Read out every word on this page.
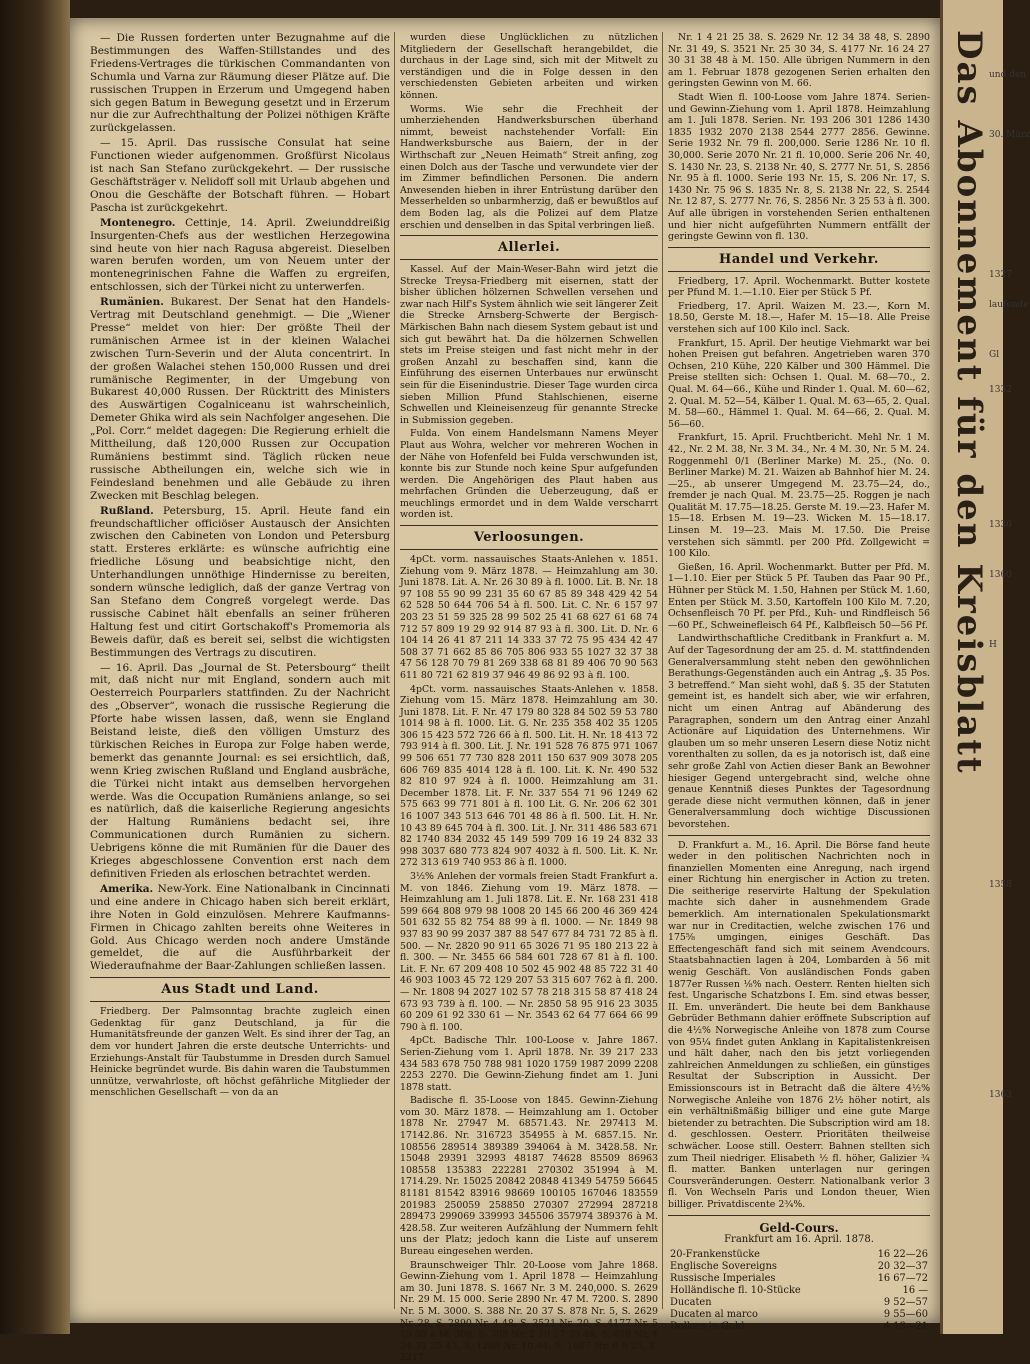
— Die Russen forderten unter Bezugnahme auf die Bestimmungen des Waffen-Stillstandes und des Friedens-Vertrages die türkischen Commandanten von Schumla und Varna zur Räumung dieser Plätze auf. Die russischen Truppen in Erzerum und Umgegend haben sich gegen Batum in Bewegung gesetzt und in Erzerum nur die zur Aufrechthaltung der Polizei nöthigen Kräfte zurückgelassen.

— 15. April. Das russische Consulat hat seine Functionen wieder aufgenommen. Großfürst Nicolaus ist nach San Stefano zurückgekehrt. — Der russische Geschäftsträger v. Nelidoff soll mit Urlaub abgehen und Onou die Geschäfte der Botschaft führen. — Hobart Pascha ist zurückgekehrt.

Montenegro. Cettinje, 14. April. Zweiunddreißig Insurgenten-Chefs aus der westlichen Herzegowina sind heute von hier nach Ragusa abgereist. Dieselben waren berufen worden, um von Neuem unter der montenegrinischen Fahne die Waffen zu ergreifen, entschlossen, sich der Türkei nicht zu unterwerfen.

Rumänien. Bukarest. Der Senat hat den Handels-Vertrag mit Deutschland genehmigt. — Die „Wiener Presse“ meldet von hier: Der größte Theil der rumänischen Armee ist in der kleinen Walachei zwischen Turn-Severin und der Aluta concentrirt. In der großen Walachei stehen 150,000 Russen und drei rumänische Regimenter, in der Umgebung von Bukarest 40,000 Russen. Der Rücktritt des Ministers des Auswärtigen Cogalniceanu ist wahrscheinlich, Demeter Ghika wird als sein Nachfolger angesehen. Die „Pol. Corr.“ meldet dagegen: Die Regierung erhielt die Mittheilung, daß 120,000 Russen zur Occupation Rumäniens bestimmt sind. Täglich rücken neue russische Abtheilungen ein, welche sich wie in Feindesland benehmen und alle Gebäude zu ihren Zwecken mit Beschlag belegen.

Rußland. Petersburg, 15. April. Heute fand ein freundschaftlicher officiöser Austausch der Ansichten zwischen den Cabineten von London und Petersburg statt. Ersteres erklärte: es wünsche aufrichtig eine friedliche Lösung und beabsichtige nicht, den Unterhandlungen unnöthige Hindernisse zu bereiten, sondern wünsche lediglich, daß der ganze Vertrag von San Stefano dem Congreß vorgelegt werde. Das russische Cabinet hält ebenfalls an seiner früheren Haltung fest und citirt Gortschakoff's Promemoria als Beweis dafür, daß es bereit sei, selbst die wichtigsten Bestimmungen des Vertrags zu discutiren.

— 16. April. Das „Journal de St. Petersbourg“ theilt mit, daß nicht nur mit England, sondern auch mit Oesterreich Pourparlers stattfinden. Zu der Nachricht des „Observer“, wonach die russische Regierung die Pforte habe wissen lassen, daß, wenn sie England Beistand leiste, dieß den völligen Umsturz des türkischen Reiches in Europa zur Folge haben werde, bemerkt das genannte Journal: es sei ersichtlich, daß, wenn Krieg zwischen Rußland und England ausbräche, die Türkei nicht intakt aus demselben hervorgehen werde. Was die Occupation Rumäniens anlange, so sei es natürlich, daß die kaiserliche Regierung angesichts der Haltung Rumäniens bedacht sei, ihre Communicationen durch Rumänien zu sichern. Uebrigens könne die mit Rumänien für die Dauer des Krieges abgeschlossene Convention erst nach dem definitiven Frieden als erloschen betrachtet werden.

Amerika. New-York. Eine Nationalbank in Cincinnati und eine andere in Chicago haben sich bereit erklärt, ihre Noten in Gold einzulösen. Mehrere Kaufmanns-Firmen in Chicago zahlten bereits ohne Weiteres in Gold. Aus Chicago werden noch andere Umstände gemeldet, die auf die Ausführbarkeit der Wiederaufnahme der Baar-Zahlungen schließen lassen.

Aus Stadt und Land.

Friedberg. Der Palmsonntag brachte zugleich einen Gedenktag für ganz Deutschland, ja für die Humanitätsfreunde der ganzen Welt. Es sind ihrer der Tag, an dem vor hundert Jahren die erste deutsche Unterrichts- und Erziehungs-Anstalt für Taubstumme in Dresden durch Samuel Heinicke begründet wurde. Bis dahin waren die Taubstummen unnütze, verwahrloste, oft höchst gefährliche Mitglieder der menschlichen Gesellschaft — von da an

wurden diese Unglücklichen zu nützlichen Mitgliedern der Gesellschaft herangebildet, die durchaus in der Lage sind, sich mit der Mitwelt zu verständigen und die in Folge dessen in den verschiedensten Gebieten arbeiten und wirken können.

Worms. Wie sehr die Frechheit der umherziehenden Handwerksburschen überhand nimmt, beweist nachstehender Vorfall: Ein Handwerksbursche aus Baiern, der in der Wirthschaft zur „Neuen Heimath“ Streit anfing, zog einen Dolch aus der Tasche und verwundete vier der im Zimmer befindlichen Personen. Die andern Anwesenden hieben in ihrer Entrüstung darüber den Messerhelden so unbarmherzig, daß er bewußtlos auf dem Boden lag, als die Polizei auf dem Platze erschien und denselben in das Spital verbringen ließ.

Allerlei.

Kassel. Auf der Main-Weser-Bahn wird jetzt die Strecke Treysa-Friedberg mit eisernen, statt der bisher üblichen hölzernen Schwellen versehen und zwar nach Hilf's System ähnlich wie seit längerer Zeit die Strecke Arnsberg-Schwerte der Bergisch-Märkischen Bahn nach diesem System gebaut ist und sich gut bewährt hat. Da die hölzernen Schwellen stets im Preise steigen und fast nicht mehr in der großen Anzahl zu beschaffen sind, kann die Einführung des eisernen Unterbaues nur erwünscht sein für die Eisenindustrie. Dieser Tage wurden circa sieben Million Pfund Stahlschienen, eiserne Schwellen und Kleineisenzeug für genannte Strecke in Submission gegeben.

Fulda. Von einem Handelsmann Namens Meyer Plaut aus Wohra, welcher vor mehreren Wochen in der Nähe von Hofenfeld bei Fulda verschwunden ist, konnte bis zur Stunde noch keine Spur aufgefunden werden. Die Angehörigen des Plaut haben aus mehrfachen Gründen die Ueberzeugung, daß er meuchlings ermordet und in dem Walde verscharrt worden ist.

Verloosungen.

4pCt. vorm. nassauisches Staats-Anlehen v. 1851. Ziehung vom 9. März 1878. — Heimzahlung am 30. Juni 1878. Lit. A. Nr. 26 30 89 à fl. 1000. Lit. B. Nr. 18 97 108 55 90 99 231 35 60 67 85 89 348 429 42 54 62 528 50 644 706 54 à fl. 500. Lit. C. Nr. 6 157 97 203 23 51 59 325 28 99 502 25 41 68 627 61 68 74 712 57 809 19 29 92 914 87 93 à fl. 300. Lit. D. Nr. 6 104 14 26 41 87 211 14 333 37 72 75 95 434 42 47 508 37 71 662 85 86 705 806 933 55 1027 32 37 38 47 56 128 70 79 81 269 338 68 81 89 406 70 90 563 611 80 721 62 819 37 946 49 86 92 93 à fl. 100.

4pCt. vorm. nassauisches Staats-Anlehen v. 1858. Ziehung vom 15. März 1878. Heimzahlung am 30. Juni 1878. Lit. F. Nr. 47 179 80 328 84 502 59 53 780 1014 98 à fl. 1000. Lit. G. Nr. 235 358 402 35 1205 306 15 423 572 726 66 à fl. 500. Lit. H. Nr. 18 413 72 793 914 à fl. 300. Lit. J. Nr. 191 528 76 875 971 1067 99 506 651 77 730 828 2011 150 637 909 3078 205 606 769 835 4014 128 à fl. 100. Lit. K. Nr. 490 532 82 810 97 924 à fl. 1000. Heimzahlung am 31. December 1878. Lit. F. Nr. 337 554 71 96 1249 62 575 663 99 771 801 à fl. 100 Lit. G. Nr. 206 62 301 16 1007 343 513 646 701 48 86 à fl. 500. Lit. H. Nr. 10 43 89 645 704 à fl. 300. Lit. J. Nr. 311 486 583 671 82 1740 834 2032 45 149 599 709 16 19 24 832 33 998 3037 680 773 824 907 4032 à fl. 500. Lit. K. Nr. 272 313 619 740 953 86 à fl. 1000.

3½% Anlehen der vormals freien Stadt Frankfurt a. M. von 1846. Ziehung vom 19. März 1878. — Heimzahlung am 1. Juli 1878. Lit. E. Nr. 168 231 418 599 664 808 979 98 1008 20 145 66 200 46 369 424 501 632 55 82 754 88 99 à fl. 1000. — Nr. 1849 98 937 83 90 99 2037 387 88 547 677 84 731 72 85 à fl. 500. — Nr. 2820 90 911 65 3026 71 95 180 213 22 à fl. 300. — Nr. 3455 66 584 601 728 67 81 à fl. 100. Lit. F. Nr. 67 209 408 10 502 45 902 48 85 722 31 40 46 903 1003 45 72 129 207 53 315 607 762 à fl. 200. — Nr. 1808 94 2027 102 57 78 218 315 58 87 418 24 673 93 739 à fl. 100. — Nr. 2850 58 95 916 23 3035 60 209 61 92 330 61 — Nr. 3543 62 64 77 664 66 99 790 à fl. 100.

4pCt. Badische Thlr. 100-Loose v. Jahre 1867. Serien-Ziehung vom 1. April 1878. Nr. 39 217 233 434 583 678 750 788 981 1020 1759 1987 2099 2208 2253 2270. Die Gewinn-Ziehung findet am 1. Juni 1878 statt.

Badische fl. 35-Loose von 1845. Gewinn-Ziehung vom 30. März 1878. — Heimzahlung am 1. October 1878 Nr. 27947 M. 68571.43. Nr. 297413 M. 17142.86. Nr. 316723 354955 à M. 6857.15. Nr. 108556 289514 389389 394064 à M. 3428.58. Nr. 15048 29391 32993 48187 74628 85509 86963 108558 135383 222281 270302 351994 à M. 1714.29. Nr. 15025 20842 20848 41349 54759 56645 81181 81542 83916 98669 100105 167046 183559 201983 250059 258850 270307 272994 287218 289473 299069 339993 345506 357974 389376 à M. 428.58. Zur weiteren Aufzählung der Nummern fehlt uns der Platz; jedoch kann die Liste auf unserem Bureau eingesehen werden.

Braunschweiger Thlr. 20-Loose vom Jahre 1868. Gewinn-Ziehung vom 1. April 1878 — Heimzahlung am 30. Juni 1878. S. 1667 Nr. 3 M. 240,000. S. 2629 Nr. 29 M. 15 000. Serie 2890 Nr. 47 M. 7200. S. 2890 Nr. 5 M. 3000. S. 388 Nr. 20 37 S. 878 Nr. 5, S. 2629 Nr. 28, S. 2890 Nr. 4 48, S. 3521 Nr. 20, S. 4177 Nr. 5 15 39 à M. 300. S. 388 Nr. 2 10 17 35 48, S. 878 Nr. 4 24 31 35 43, S. 1268 Nr. 10 44, S. 1667 Nr. 6 9 23, S. 2217

Nr. 1 4 21 25 38. S. 2629 Nr. 12 34 38 48, S. 2890 Nr. 31 49, S. 3521 Nr. 25 30 34, S. 4177 Nr. 16 24 27 30 31 38 48 à M. 150. Alle übrigen Nummern in den am 1. Februar 1878 gezogenen Serien erhalten den geringsten Gewinn von M. 66.

Stadt Wien fl. 100-Loose vom Jahre 1874. Serien- und Gewinn-Ziehung vom 1. April 1878. Heimzahlung am 1. Juli 1878. Serien. Nr. 193 206 301 1286 1430 1835 1932 2070 2138 2544 2777 2856. Gewinne. Serie 1932 Nr. 79 fl. 200,000. Serie 1286 Nr. 10 fl. 30,000. Serie 2070 Nr. 21 fl. 10,000. Serie 206 Nr. 40, S. 1430 Nr. 23, S. 2138 Nr. 40, S. 2777 Nr. 51, S. 2856 Nr. 95 à fl. 1000. Serie 193 Nr. 15, S. 206 Nr. 17, S. 1430 Nr. 75 96 S. 1835 Nr. 8, S. 2138 Nr. 22, S. 2544 Nr. 12 87, S. 2777 Nr. 76, S. 2856 Nr. 3 25 53 à fl. 300. Auf alle übrigen in vorstehenden Serien enthaltenen und hier nicht aufgeführten Nummern entfällt der geringste Gewinn von fl. 130.

Handel und Verkehr.

Friedberg, 17. April. Wochenmarkt. Butter kostete per Pfund M. 1.—1.10. Eier per Stück 5 Pf.

Friedberg, 17. April. Waizen M. 23.—, Korn M. 18.50, Gerste M. 18.—, Hafer M. 15—18. Alle Preise verstehen sich auf 100 Kilo incl. Sack.

Frankfurt, 15. April. Der heutige Viehmarkt war bei hohen Preisen gut befahren. Angetrieben waren 370 Ochsen, 210 Kühe, 220 Kälber und 300 Hämmel. Die Preise stellten sich: Ochsen 1. Qual. M. 68—70., 2. Qual. M. 64—66., Kühe und Rinder 1. Qual. M. 60—62, 2. Qual. M. 52—54, Kälber 1. Qual. M. 63—65, 2. Qual. M. 58—60., Hämmel 1. Qual. M. 64—66, 2. Qual. M. 56—60.

Frankfurt, 15. April. Fruchtbericht. Mehl Nr. 1 M. 42., Nr. 2 M. 38, Nr. 3 M. 34., Nr. 4 M. 30, Nr. 5 M. 24. Roggenmehl 0/1 (Berliner Marke) M. 25., (No. 0. Berliner Marke) M. 21. Waizen ab Bahnhof hier M. 24.—25., ab unserer Umgegend M. 23.75—24, do., fremder je nach Qual. M. 23.75—25. Roggen je nach Qualität M. 17.75—18.25. Gerste M. 19.—23. Hafer M. 15—18. Erbsen M. 19—23. Wicken M. 15—18.17. Linsen M. 19—23. Mais M. 17.50. Die Preise verstehen sich sämmtl. per 200 Pfd. Zollgewicht = 100 Kilo.

Gießen, 16. April. Wochenmarkt. Butter per Pfd. M. 1—1.10. Eier per Stück 5 Pf. Tauben das Paar 90 Pf., Hühner per Stück M. 1.50, Hahnen per Stück M. 1.60, Enten per Stück M. 3.50, Kartoffeln 100 Kilo M. 7.20, Ochsenfleisch 70 Pf. per Pfd., Kuh- und Rindfleisch 56—60 Pf., Schweinefleisch 64 Pf., Kalbfleisch 50—56 Pf.

Landwirthschaftliche Creditbank in Frankfurt a. M. Auf der Tagesordnung der am 25. d. M. stattfindenden Generalversammlung steht neben den gewöhnlichen Berathungs-Gegenständen auch ein Antrag „§. 35 Pos. 3 betreffend.“ Man sieht wohl, daß §. 35 der Statuten gemeint ist, es handelt sich aber, wie wir erfahren, nicht um einen Antrag auf Abänderung des Paragraphen, sondern um den Antrag einer Anzahl Actionäre auf Liquidation des Unternehmens. Wir glauben um so mehr unseren Lesern diese Notiz nicht vorenthalten zu sollen, da es ja notorisch ist, daß eine sehr große Zahl von Actien dieser Bank an Bewohner hiesiger Gegend untergebracht sind, welche ohne genaue Kenntniß dieses Punktes der Tagesordnung gerade diese nicht vermuthen können, daß in jener Generalversammlung doch wichtige Discussionen bevorstehen.

D. Frankfurt a. M., 16. April. Die Börse fand heute weder in den politischen Nachrichten noch in finanziellen Momenten eine Anregung, nach irgend einer Richtung hin energischer in Action zu treten. Die seitherige reservirte Haltung der Spekulation machte sich daher in ausnehmendem Grade bemerklich. Am internationalen Spekulationsmarkt war nur in Creditactien, welche zwischen 176 und 175⅝ umgingen, einiges Geschäft. Das Effectengeschäft fand sich mit seinem Avendcours. Staatsbahnactien lagen à 204, Lombarden à 56 mit wenig Geschäft. Von ausländischen Fonds gaben 1877er Russen ⅛% nach. Oesterr. Renten hielten sich fest. Ungarische Schatzbons I. Em. sind etwas besser, II. Em. unverändert. Die heute bei dem Bankhause Gebrüder Bethmann dahier eröffnete Subscription auf die 4½% Norwegische Anleihe von 1878 zum Course von 95¼ findet guten Anklang in Kapitalistenkreisen und hält daher, nach den bis jetzt vorliegenden zahlreichen Anmeldungen zu schließen, ein günstiges Resultat der Subscription in Aussicht. Der Emissionscours ist in Betracht daß die ältere 4½% Norwegische Anleihe von 1876 2½ höher notirt, als ein verhältnißmäßig billiger und eine gute Marge bietender zu betrachten. Die Subscription wird am 18. d. geschlossen. Oesterr. Prioritäten theilweise schwächer. Loose still. Oesterr. Bahnen stellten sich zum Theil niedriger. Elisabeth ½ fl. höher, Galizier ¾ fl. matter. Banken unterlagen nur geringen Coursveränderungen. Oesterr. Nationalbank verlor 3 fl. Von Wechseln Paris und London theuer, Wien billiger. Privatdiscente 2¾%.

Geld-Cours.
Frankfurt am 16. April. 1878.
20-Frankenstücke	16 22—26
Englische Sovereigns	20 32—37
Russische Imperiales	16 67—72
Holländische fl. 10-Stücke	16 —
Ducaten	9 52—57
Ducaten al marco	9 55—60
Dollars in Gold	4 18—21
Das Abonnement für den Kreisblatt und den
30. März
1327
laufende
1332
Gl
1330
1360
H
1358
1363
